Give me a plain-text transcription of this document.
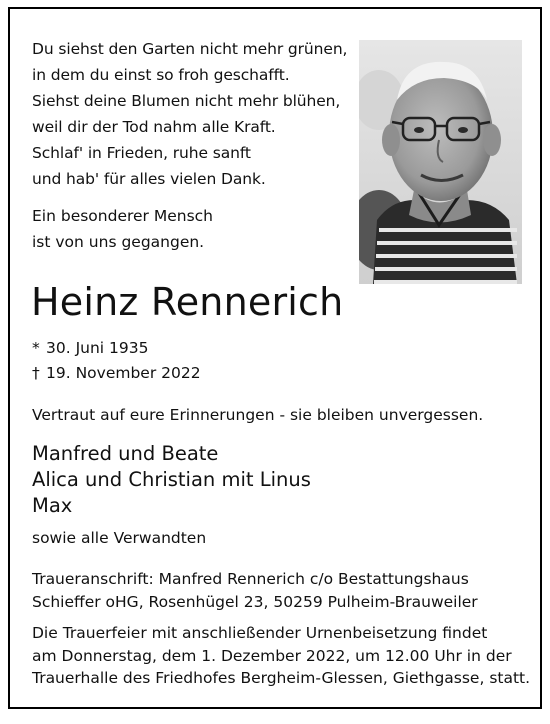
Du siehst den Garten nicht mehr grünen,
in dem du einst so froh geschafft.
Siehst deine Blumen nicht mehr blühen,
weil dir der Tod nahm alle Kraft.
Schlaf' in Frieden, ruhe sanft
und hab' für alles vielen Dank.
Ein besonderer Mensch
ist von uns gegangen.
Heinz Rennerich
* 30. Juni 1935
† 19. November 2022
Vertraut auf eure Erinnerungen - sie bleiben unvergessen.
Manfred und Beate
Alica und Christian mit Linus
Max
sowie alle Verwandten
Traueranschrift: Manfred Rennerich c/o Bestattungshaus
Schieffer oHG, Rosenhügel 23, 50259 Pulheim-Brauweiler
Die Trauerfeier mit anschließender Urnenbeisetzung findet
am Donnerstag, dem 1. Dezember 2022, um 12.00 Uhr in der
Trauerhalle des Friedhofes Bergheim-Glessen, Giethgasse, statt.
